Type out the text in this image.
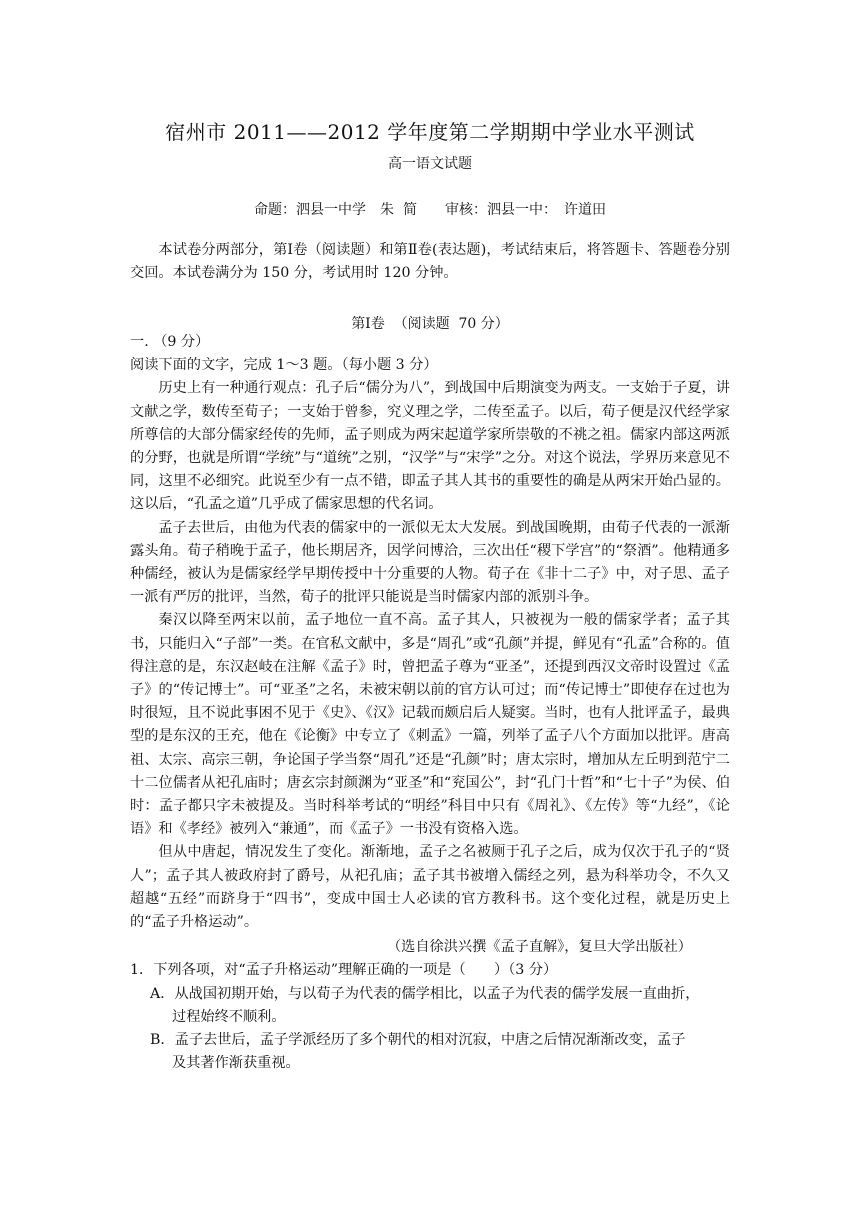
宿州市 2011——2012 学年度第二学期期中学业水平测试
高一语文试题
命题：泗县一中学　朱  简　　审核：泗县一中：　许道田

本试卷分两部分，第Ⅰ卷（阅读题）和第Ⅱ卷(表达题)，考试结束后，将答题卡、答题卷分别交回。本试卷满分为 150 分，考试用时 120 分钟。

第Ⅰ卷  （阅读题  70 分）

一. （9 分）

阅读下面的文字，完成 1～3 题。（每小题 3 分）

历史上有一种通行观点：孔子后“儒分为八”，到战国中后期演变为两支。一支始于子夏，讲文献之学，数传至荀子；一支始于曾参，究义理之学，二传至孟子。以后，荀子便是汉代经学家所尊信的大部分儒家经传的先师，孟子则成为两宋起道学家所崇敬的不祧之祖。儒家内部这两派的分野，也就是所谓“学统”与“道统”之别，“汉学”与“宋学”之分。对这个说法，学界历来意见不同，这里不必细究。此说至少有一点不错，即孟子其人其书的重要性的确是从两宋开始凸显的。这以后，“孔孟之道”几乎成了儒家思想的代名词。

孟子去世后，由他为代表的儒家中的一派似无太大发展。到战国晚期，由荀子代表的一派渐露头角。荀子稍晚于孟子，他长期居齐，因学问博洽，三次出任“稷下学宫”的“祭酒”。他精通多种儒经，被认为是儒家经学早期传授中十分重要的人物。荀子在《非十二子》中，对子思、孟子一派有严厉的批评，当然，荀子的批评只能说是当时儒家内部的派别斗争。

秦汉以降至两宋以前，孟子地位一直不高。孟子其人，只被视为一般的儒家学者；孟子其书，只能归入“子部”一类。在官私文献中，多是“周孔”或“孔颜”并提，鲜见有“孔孟”合称的。值得注意的是，东汉赵岐在注解《孟子》时，曾把孟子尊为“亚圣”，还提到西汉文帝时设置过《孟子》的“传记博士”。可“亚圣”之名，未被宋朝以前的官方认可过；而“传记博士”即使存在过也为时很短，且不说此事困不见于《史》、《汉》记载而颇启后人疑窦。当时，也有人批评孟子，最典型的是东汉的王充，他在《论衡》中专立了《刺孟》一篇，列举了孟子八个方面加以批评。唐高祖、太宗、高宗三朝，争论国子学当祭“周孔”还是“孔颜”时；唐太宗时，增加从左丘明到范宁二十二位儒者从祀孔庙时；唐玄宗封颜渊为“亚圣”和“兖国公”，封“孔门十哲”和“七十子”为侯、伯时：孟子都只字未被提及。当时科举考试的“明经”科目中只有《周礼》、《左传》等“九经”，《论语》和《孝经》被列入“兼通”，而《孟子》一书没有资格入选。

但从中唐起，情况发生了变化。渐渐地，孟子之名被厕于孔子之后，成为仅次于孔子的“贤人”；孟子其人被政府封了爵号，从祀孔庙；孟子其书被增入儒经之列，悬为科举功令，不久又超越“五经”而跻身于“四书”，变成中国士人必读的官方教科书。这个变化过程，就是历史上的“孟子升格运动”。

（选自徐洪兴撰《孟子直解》，复旦大学出版社）

1．下列各项，对“孟子升格运动”理解正确的一项是（　　）（3 分）

A．从战国初期开始，与以荀子为代表的儒学相比，以孟子为代表的儒学发展一直曲折，
过程始终不顺利。

B．孟子去世后，孟子学派经历了多个朝代的相对沉寂，中唐之后情况渐渐改变，孟子
及其著作渐获重视。
